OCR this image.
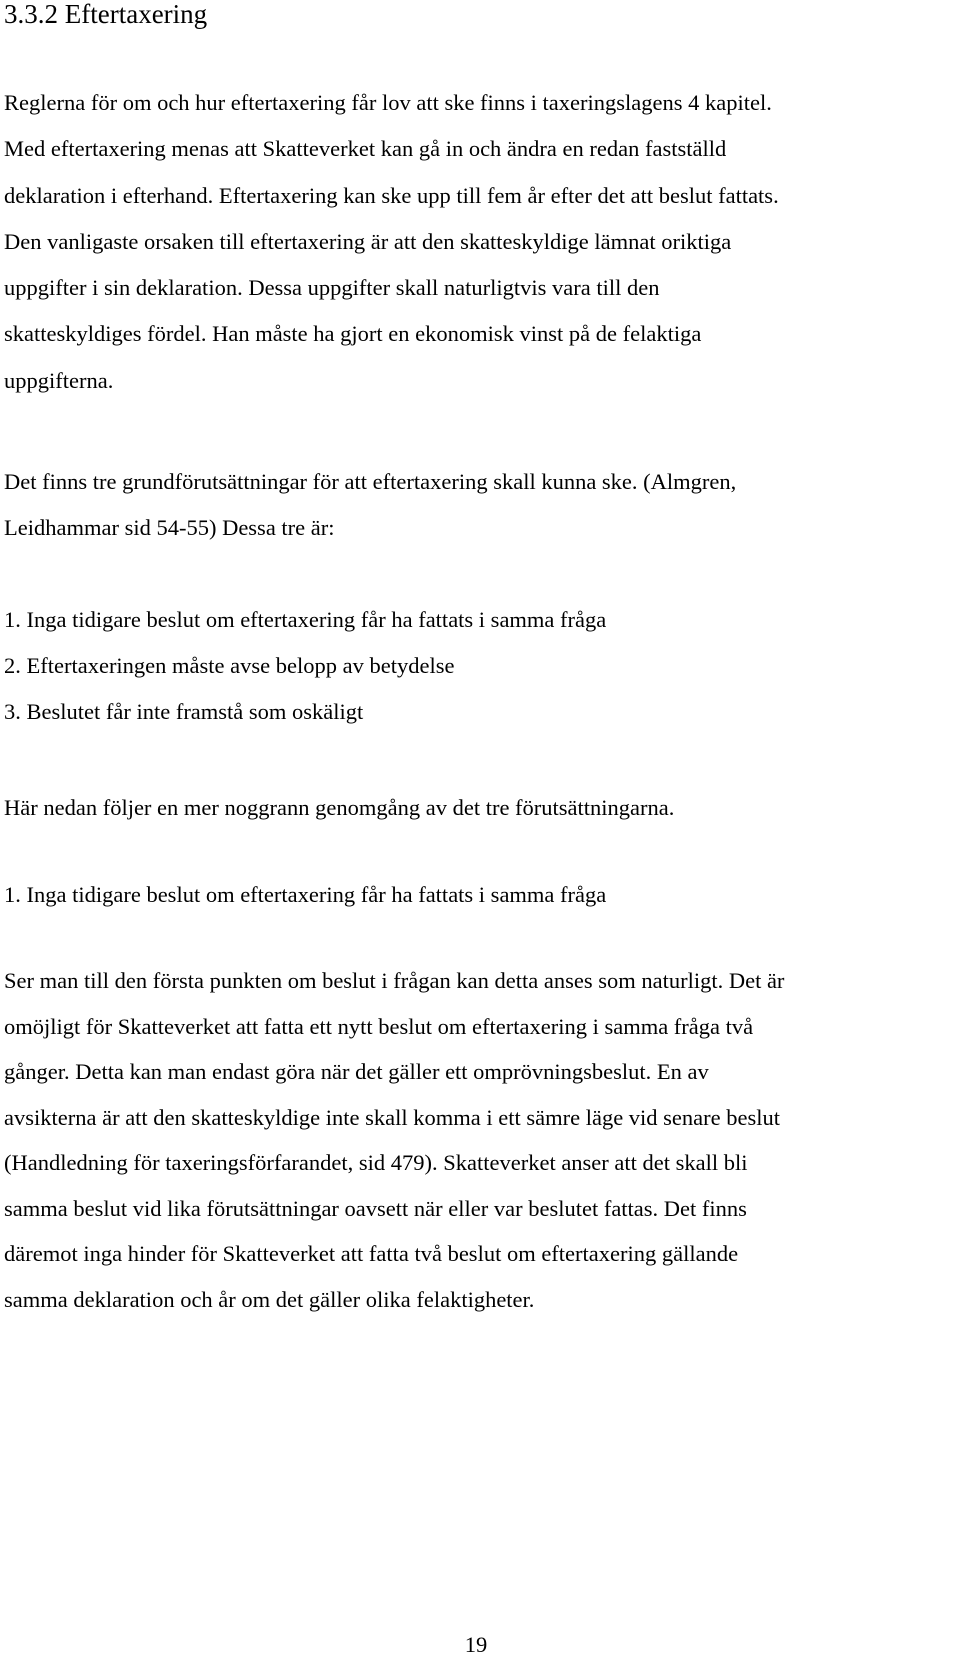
3.3.2 Eftertaxering

Reglerna för om och hur eftertaxering får lov att ske finns i taxeringslagens 4 kapitel.
Med eftertaxering menas att Skatteverket kan gå in och ändra en redan fastställd
deklaration i efterhand. Eftertaxering kan ske upp till fem år efter det att beslut fattats.
Den vanligaste orsaken till eftertaxering är att den skatteskyldige lämnat oriktiga
uppgifter i sin deklaration. Dessa uppgifter skall naturligtvis vara till den
skatteskyldiges fördel. Han måste ha gjort en ekonomisk vinst på de felaktiga
uppgifterna.

Det finns tre grundförutsättningar för att eftertaxering skall kunna ske. (Almgren,
Leidhammar sid 54-55) Dessa tre är:

1. Inga tidigare beslut om eftertaxering får ha fattats i samma fråga
2. Eftertaxeringen måste avse belopp av betydelse
3. Beslutet får inte framstå som oskäligt

Här nedan följer en mer noggrann genomgång av det tre förutsättningarna.

1. Inga tidigare beslut om eftertaxering får ha fattats i samma fråga

Ser man till den första punkten om beslut i frågan kan detta anses som naturligt. Det är
omöjligt för Skatteverket att fatta ett nytt beslut om eftertaxering i samma fråga två
gånger. Detta kan man endast göra när det gäller ett omprövningsbeslut. En av
avsikterna är att den skatteskyldige inte skall komma i ett sämre läge vid senare beslut
(Handledning för taxeringsförfarandet, sid 479). Skatteverket anser att det skall bli
samma beslut vid lika förutsättningar oavsett när eller var beslutet fattas. Det finns
däremot inga hinder för Skatteverket att fatta två beslut om eftertaxering gällande
samma deklaration och år om det gäller olika felaktigheter.

19
